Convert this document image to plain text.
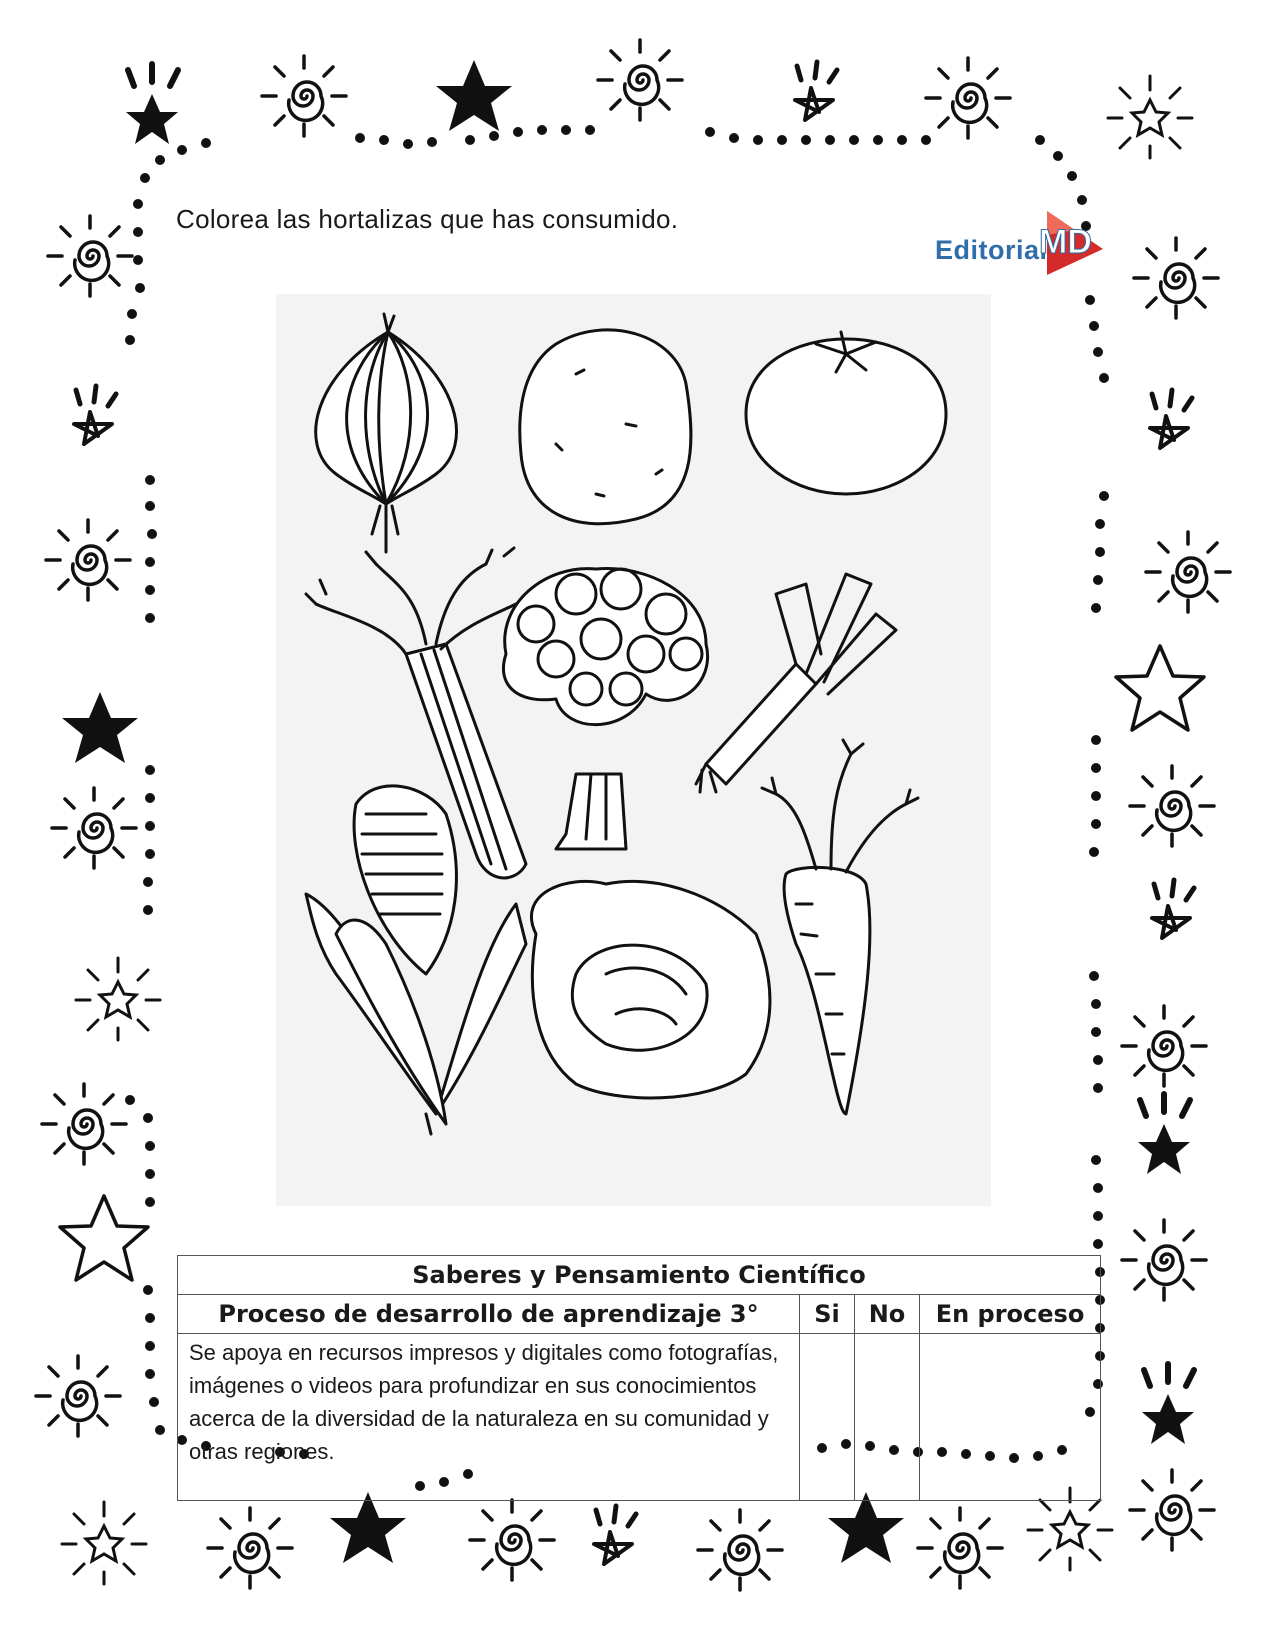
Colorea las hortalizas que has consumido.
Editorial
MD
Saberes y Pensamiento Científico			
Proceso de desarrollo de aprendizaje 3°	Si	No	En proceso
Se apoya en recursos impresos y digitales como fotografías, imágenes o videos para profundizar en sus conocimientos acerca de la diversidad de la naturaleza en su comunidad y otras regiones.			
